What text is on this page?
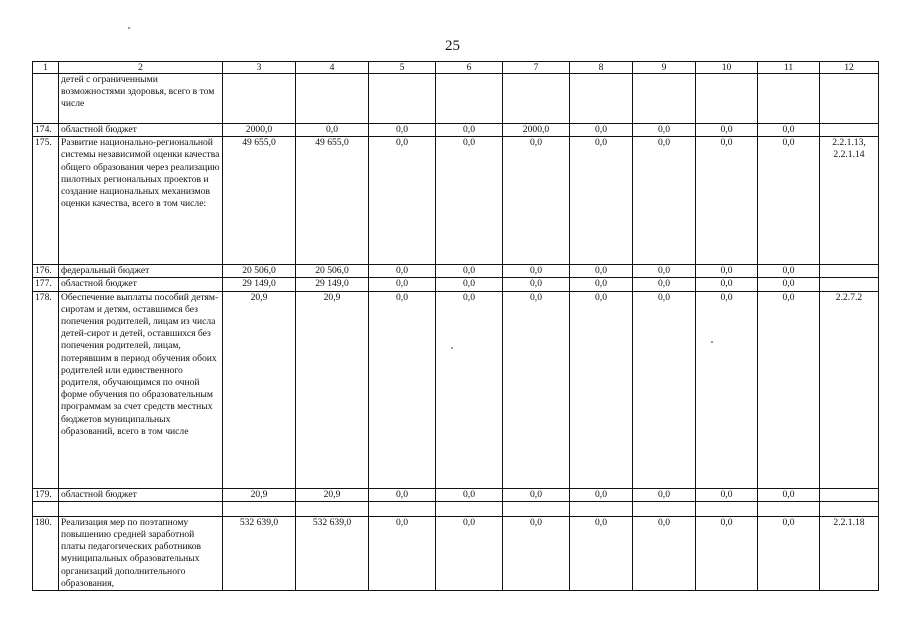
25
1	2	3	4	5	6	7	8	9	10	11	12
	детей с ограниченными возможностями здоровья, всего в том числе										
174.	областной бюджет	2000,0	0,0	0,0	0,0	2000,0	0,0	0,0	0,0	0,0	
175.	Развитие национально-региональной системы независимой оценки качества общего образования через реализацию пилотных региональных проектов и создание национальных механизмов оценки качества, всего в том числе:	49 655,0	49 655,0	0,0	0,0	0,0	0,0	0,0	0,0	0,0	2.2.1.13, 2.2.1.14
176.	федеральный бюджет	20 506,0	20 506,0	0,0	0,0	0,0	0,0	0,0	0,0	0,0	
177.	областной бюджет	29 149,0	29 149,0	0,0	0,0	0,0	0,0	0,0	0,0	0,0	
178.	Обеспечение выплаты пособий детям-сиротам и детям, оставшимся без попечения родителей, лицам из числа детей-сирот и детей, оставшихся без попечения родителей, лицам, потерявшим в период обучения обоих родителей или единственного родителя, обучающимся по очной форме обучения по образовательным программам за счет средств местных бюджетов муниципальных образований, всего в том числе	20,9	20,9	0,0	0,0	0,0	0,0	0,0	0,0	0,0	2.2.7.2
179.	областной бюджет	20,9	20,9	0,0	0,0	0,0	0,0	0,0	0,0	0,0	

180.	Реализация мер по поэтапному повышению средней заработной платы педагогических работников муниципальных образовательных организаций дополнительного образования,	532 639,0	532 639,0	0,0	0,0	0,0	0,0	0,0	0,0	0,0	2.2.1.18
